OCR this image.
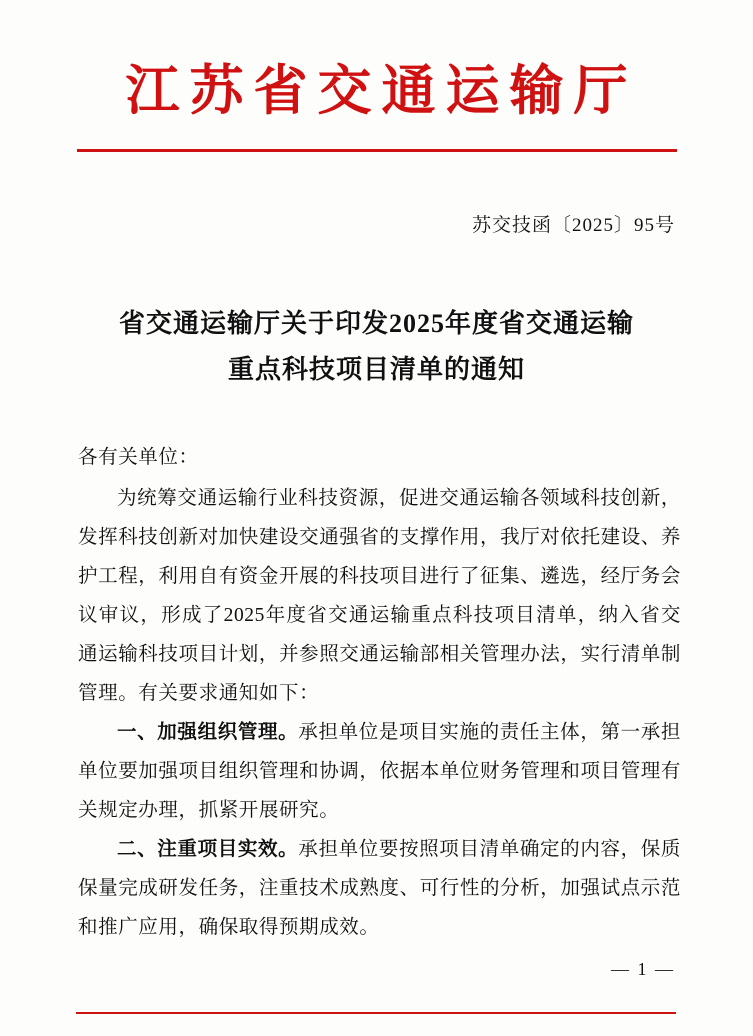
江苏省交通运输厅
苏交技函〔2025〕95号
省交通运输厅关于印发2025年度省交通运输
重点科技项目清单的通知

各有关单位：

为统筹交通运输行业科技资源，促进交通运输各领域科技创新，发挥科技创新对加快建设交通强省的支撑作用，我厅对依托建设、养护工程，利用自有资金开展的科技项目进行了征集、遴选，经厅务会议审议，形成了2025年度省交通运输重点科技项目清单，纳入省交通运输科技项目计划，并参照交通运输部相关管理办法，实行清单制管理。有关要求通知如下：

一、加强组织管理。承担单位是项目实施的责任主体，第一承担单位要加强项目组织管理和协调，依据本单位财务管理和项目管理有关规定办理，抓紧开展研究。

二、注重项目实效。承担单位要按照项目清单确定的内容，保质保量完成研发任务，注重技术成熟度、可行性的分析，加强试点示范和推广应用，确保取得预期成效。

— 1 —
